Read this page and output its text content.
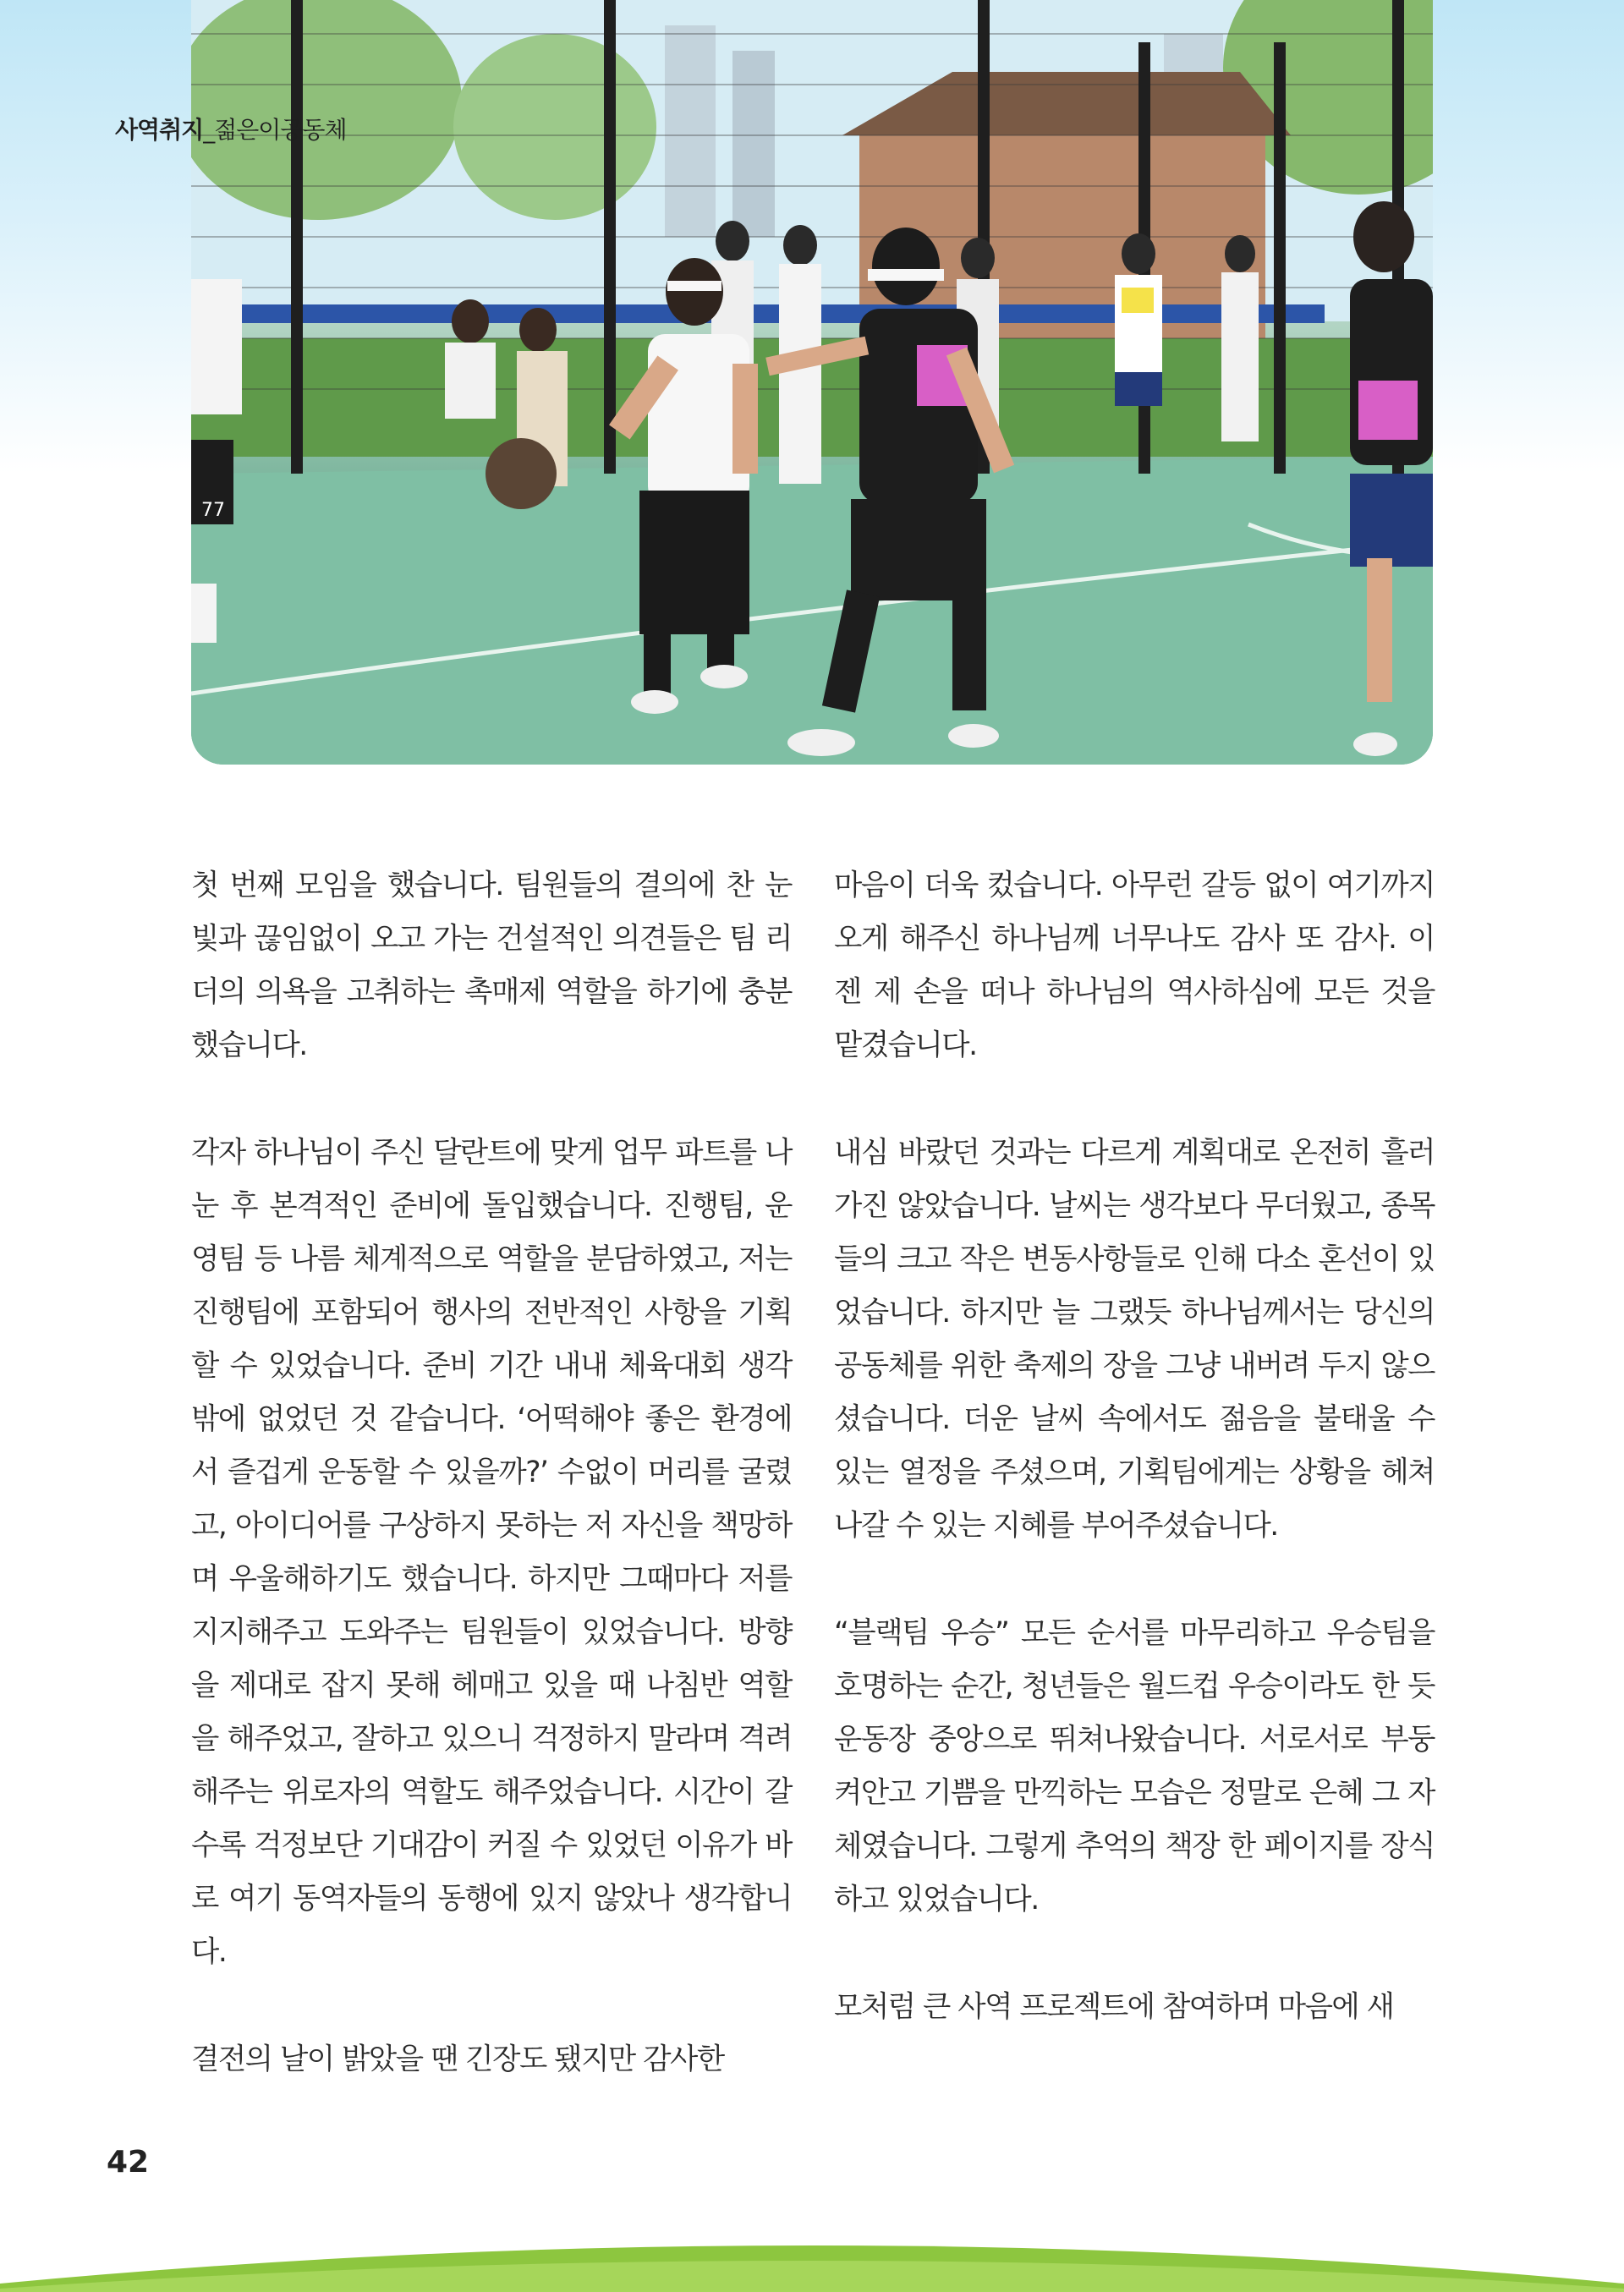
77
사역취지_젊은이공동체

첫 번째 모임을 했습니다. 팀원들의 결의에 찬 눈빛과 끊임없이 오고 가는 건설적인 의견들은 팀 리더의 의욕을 고취하는 촉매제 역할을 하기에 충분했습니다.

각자 하나님이 주신 달란트에 맞게 업무 파트를 나눈 후 본격적인 준비에 돌입했습니다. 진행팀, 운영팀 등 나름 체계적으로 역할을 분담하였고, 저는 진행팀에 포함되어 행사의 전반적인 사항을 기획할 수 있었습니다. 준비 기간 내내 체육대회 생각밖에 없었던 것 같습니다. ‘어떡해야 좋은 환경에서 즐겁게 운동할 수 있을까?’ 수없이 머리를 굴렸고, 아이디어를 구상하지 못하는 저 자신을 책망하며 우울해하기도 했습니다. 하지만 그때마다 저를 지지해주고 도와주는 팀원들이 있었습니다. 방향을 제대로 잡지 못해 헤매고 있을 때 나침반 역할을 해주었고, 잘하고 있으니 걱정하지 말라며 격려해주는 위로자의 역할도 해주었습니다. 시간이 갈수록 걱정보단 기대감이 커질 수 있었던 이유가 바로 여기 동역자들의 동행에 있지 않았나 생각합니다.

결전의 날이 밝았을 땐 긴장도 됐지만 감사한

마음이 더욱 컸습니다. 아무런 갈등 없이 여기까지 오게 해주신 하나님께 너무나도 감사 또 감사. 이젠 제 손을 떠나 하나님의 역사하심에 모든 것을 맡겼습니다.

내심 바랐던 것과는 다르게 계획대로 온전히 흘러가진 않았습니다. 날씨는 생각보다 무더웠고, 종목들의 크고 작은 변동사항들로 인해 다소 혼선이 있었습니다. 하지만 늘 그랬듯 하나님께서는 당신의 공동체를 위한 축제의 장을 그냥 내버려 두지 않으셨습니다. 더운 날씨 속에서도 젊음을 불태울 수 있는 열정을 주셨으며, 기획팀에게는 상황을 헤쳐 나갈 수 있는 지혜를 부어주셨습니다.

“블랙팀 우승” 모든 순서를 마무리하고 우승팀을 호명하는 순간, 청년들은 월드컵 우승이라도 한 듯 운동장 중앙으로 뛰쳐나왔습니다. 서로서로 부둥켜안고 기쁨을 만끽하는 모습은 정말로 은혜 그 자체였습니다. 그렇게 추억의 책장 한 페이지를 장식하고 있었습니다.

모처럼 큰 사역 프로젝트에 참여하며 마음에 새

42
